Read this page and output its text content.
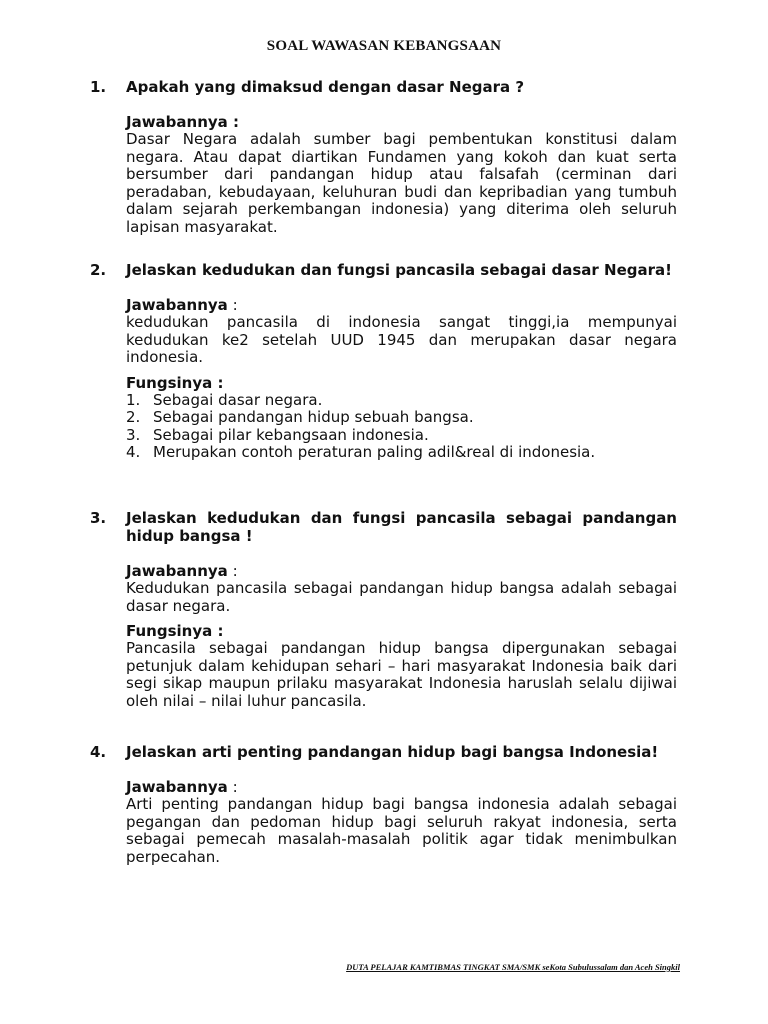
SOAL WAWASAN KEBANGSAAN
1.	Apakah yang dimaksud dengan dasar Negara ?
Jawabannya :
Dasar Negara adalah sumber bagi pembentukan konstitusi dalam negara. Atau dapat diartikan Fundamen yang kokoh dan kuat serta bersumber dari pandangan hidup atau falsafah (cerminan dari peradaban, kebudayaan, keluhuran budi dan kepribadian yang tumbuh dalam sejarah perkembangan indonesia) yang diterima oleh seluruh lapisan masyarakat.
2.	Jelaskan kedudukan dan fungsi pancasila sebagai dasar Negara!
Jawabannya :
kedudukan pancasila di indonesia sangat tinggi,ia mempunyai kedudukan ke2 setelah UUD 1945 dan merupakan dasar negara indonesia.
Fungsinya :
1. Sebagai dasar negara.
2. Sebagai pandangan hidup sebuah bangsa.
3. Sebagai pilar kebangsaan indonesia.
4. Merupakan contoh peraturan paling adil&real di indonesia.
3.	Jelaskan kedudukan dan fungsi pancasila sebagai pandangan hidup bangsa !
Jawabannya :
Kedudukan pancasila sebagai pandangan hidup bangsa adalah sebagai dasar negara.
Fungsinya :
Pancasila sebagai pandangan hidup bangsa dipergunakan sebagai petunjuk dalam kehidupan sehari – hari masyarakat Indonesia baik dari segi sikap maupun prilaku masyarakat Indonesia haruslah selalu dijiwai oleh nilai – nilai luhur pancasila.
4.	Jelaskan arti penting pandangan hidup bagi bangsa Indonesia!
Jawabannya :
Arti penting pandangan hidup bagi bangsa indonesia adalah sebagai pegangan dan pedoman hidup bagi seluruh rakyat indonesia, serta sebagai pemecah masalah-masalah politik agar tidak menimbulkan perpecahan.
DUTA PELAJAR KAMTIBMAS TINGKAT SMA/SMK seKota Subulussalam dan Aceh Singkil
